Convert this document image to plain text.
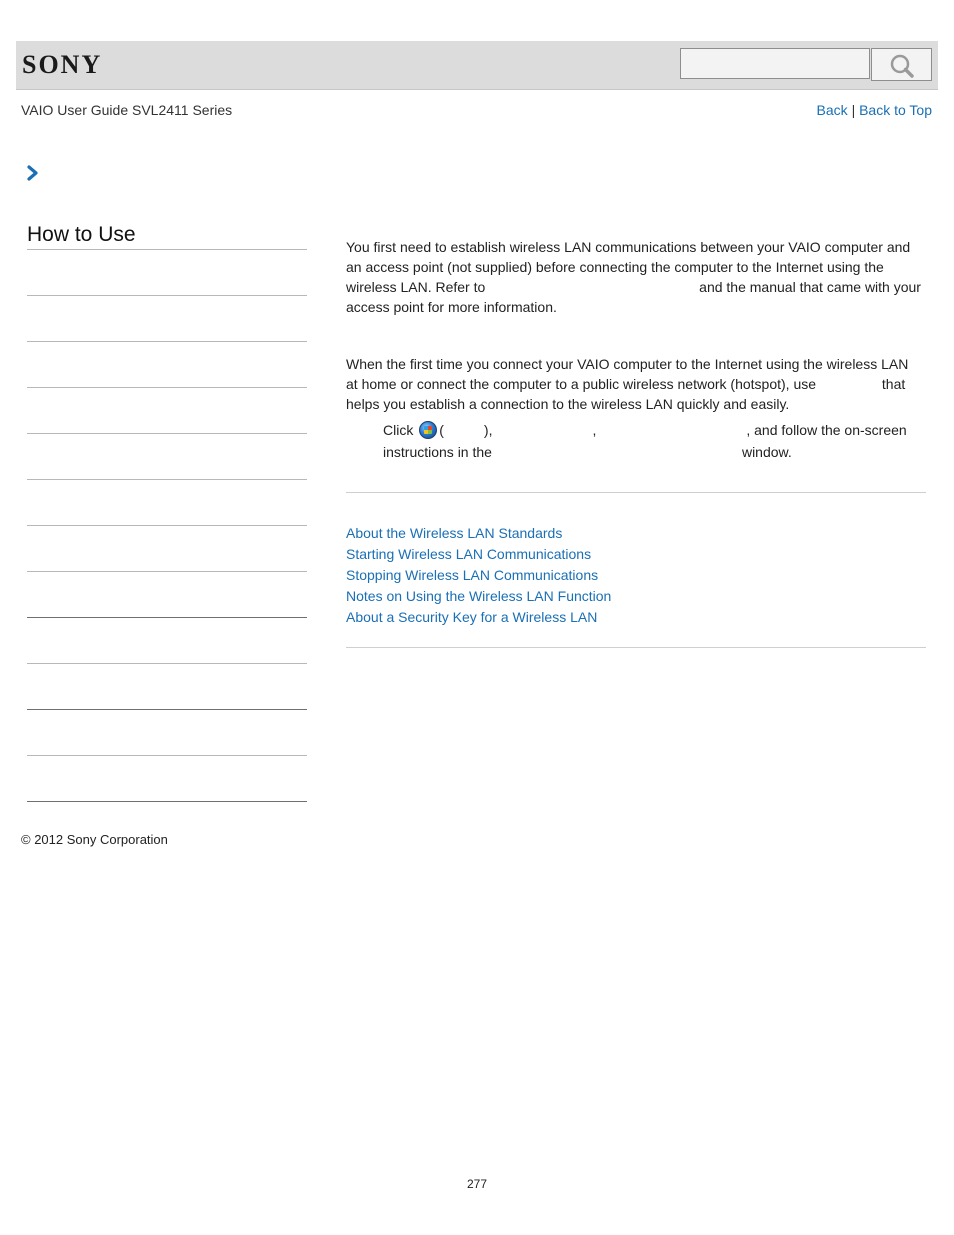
SONY
VAIO User Guide SVL2411 Series	Back | Back to Top
How to Use

You first need to establish wireless LAN communications between your VAIO computer and an access point (not supplied) before connecting the computer to the Internet using the wireless LAN. Refer to	and the manual that came with your access point for more information.

When the first time you connect your VAIO computer to the Internet using the wireless LAN at home or connect the computer to a public wireless network (hotspot), use	that helps you establish a connection to the wireless LAN quickly and easily.

Click (	),	,	, and follow the on-screen instructions in the	window.

About the Wireless LAN Standards
Starting Wireless LAN Communications
Stopping Wireless LAN Communications
Notes on Using the Wireless LAN Function
About a Security Key for a Wireless LAN
© 2012 Sony Corporation
277
